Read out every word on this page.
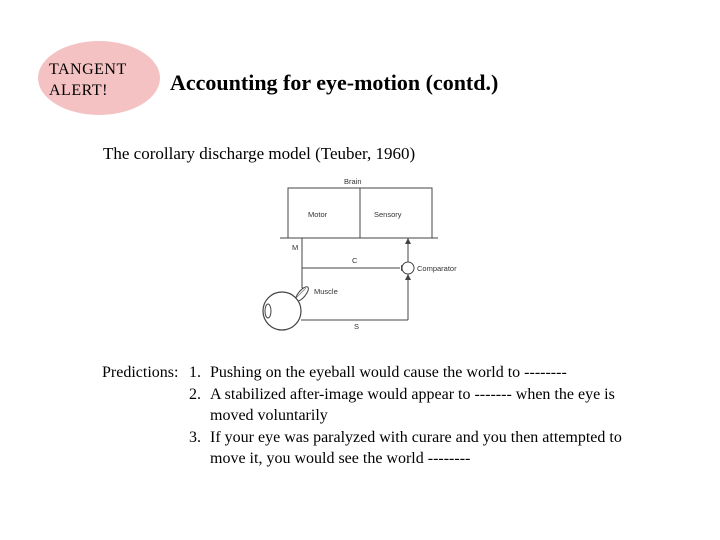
TANGENT
ALERT!	Accounting for eye-motion (contd.)
The corollary discharge model (Teuber, 1960)
Brain
Motor	Sensory
M
C
Comparator
Muscle
S
Predictions: 1. Pushing on the eyeball would cause the world to --------
2. A stabilized after-image would appear to ------- when the eye is
moved voluntarily
3. If your eye was paralyzed with curare and you then attempted to
move it, you would see the world --------
